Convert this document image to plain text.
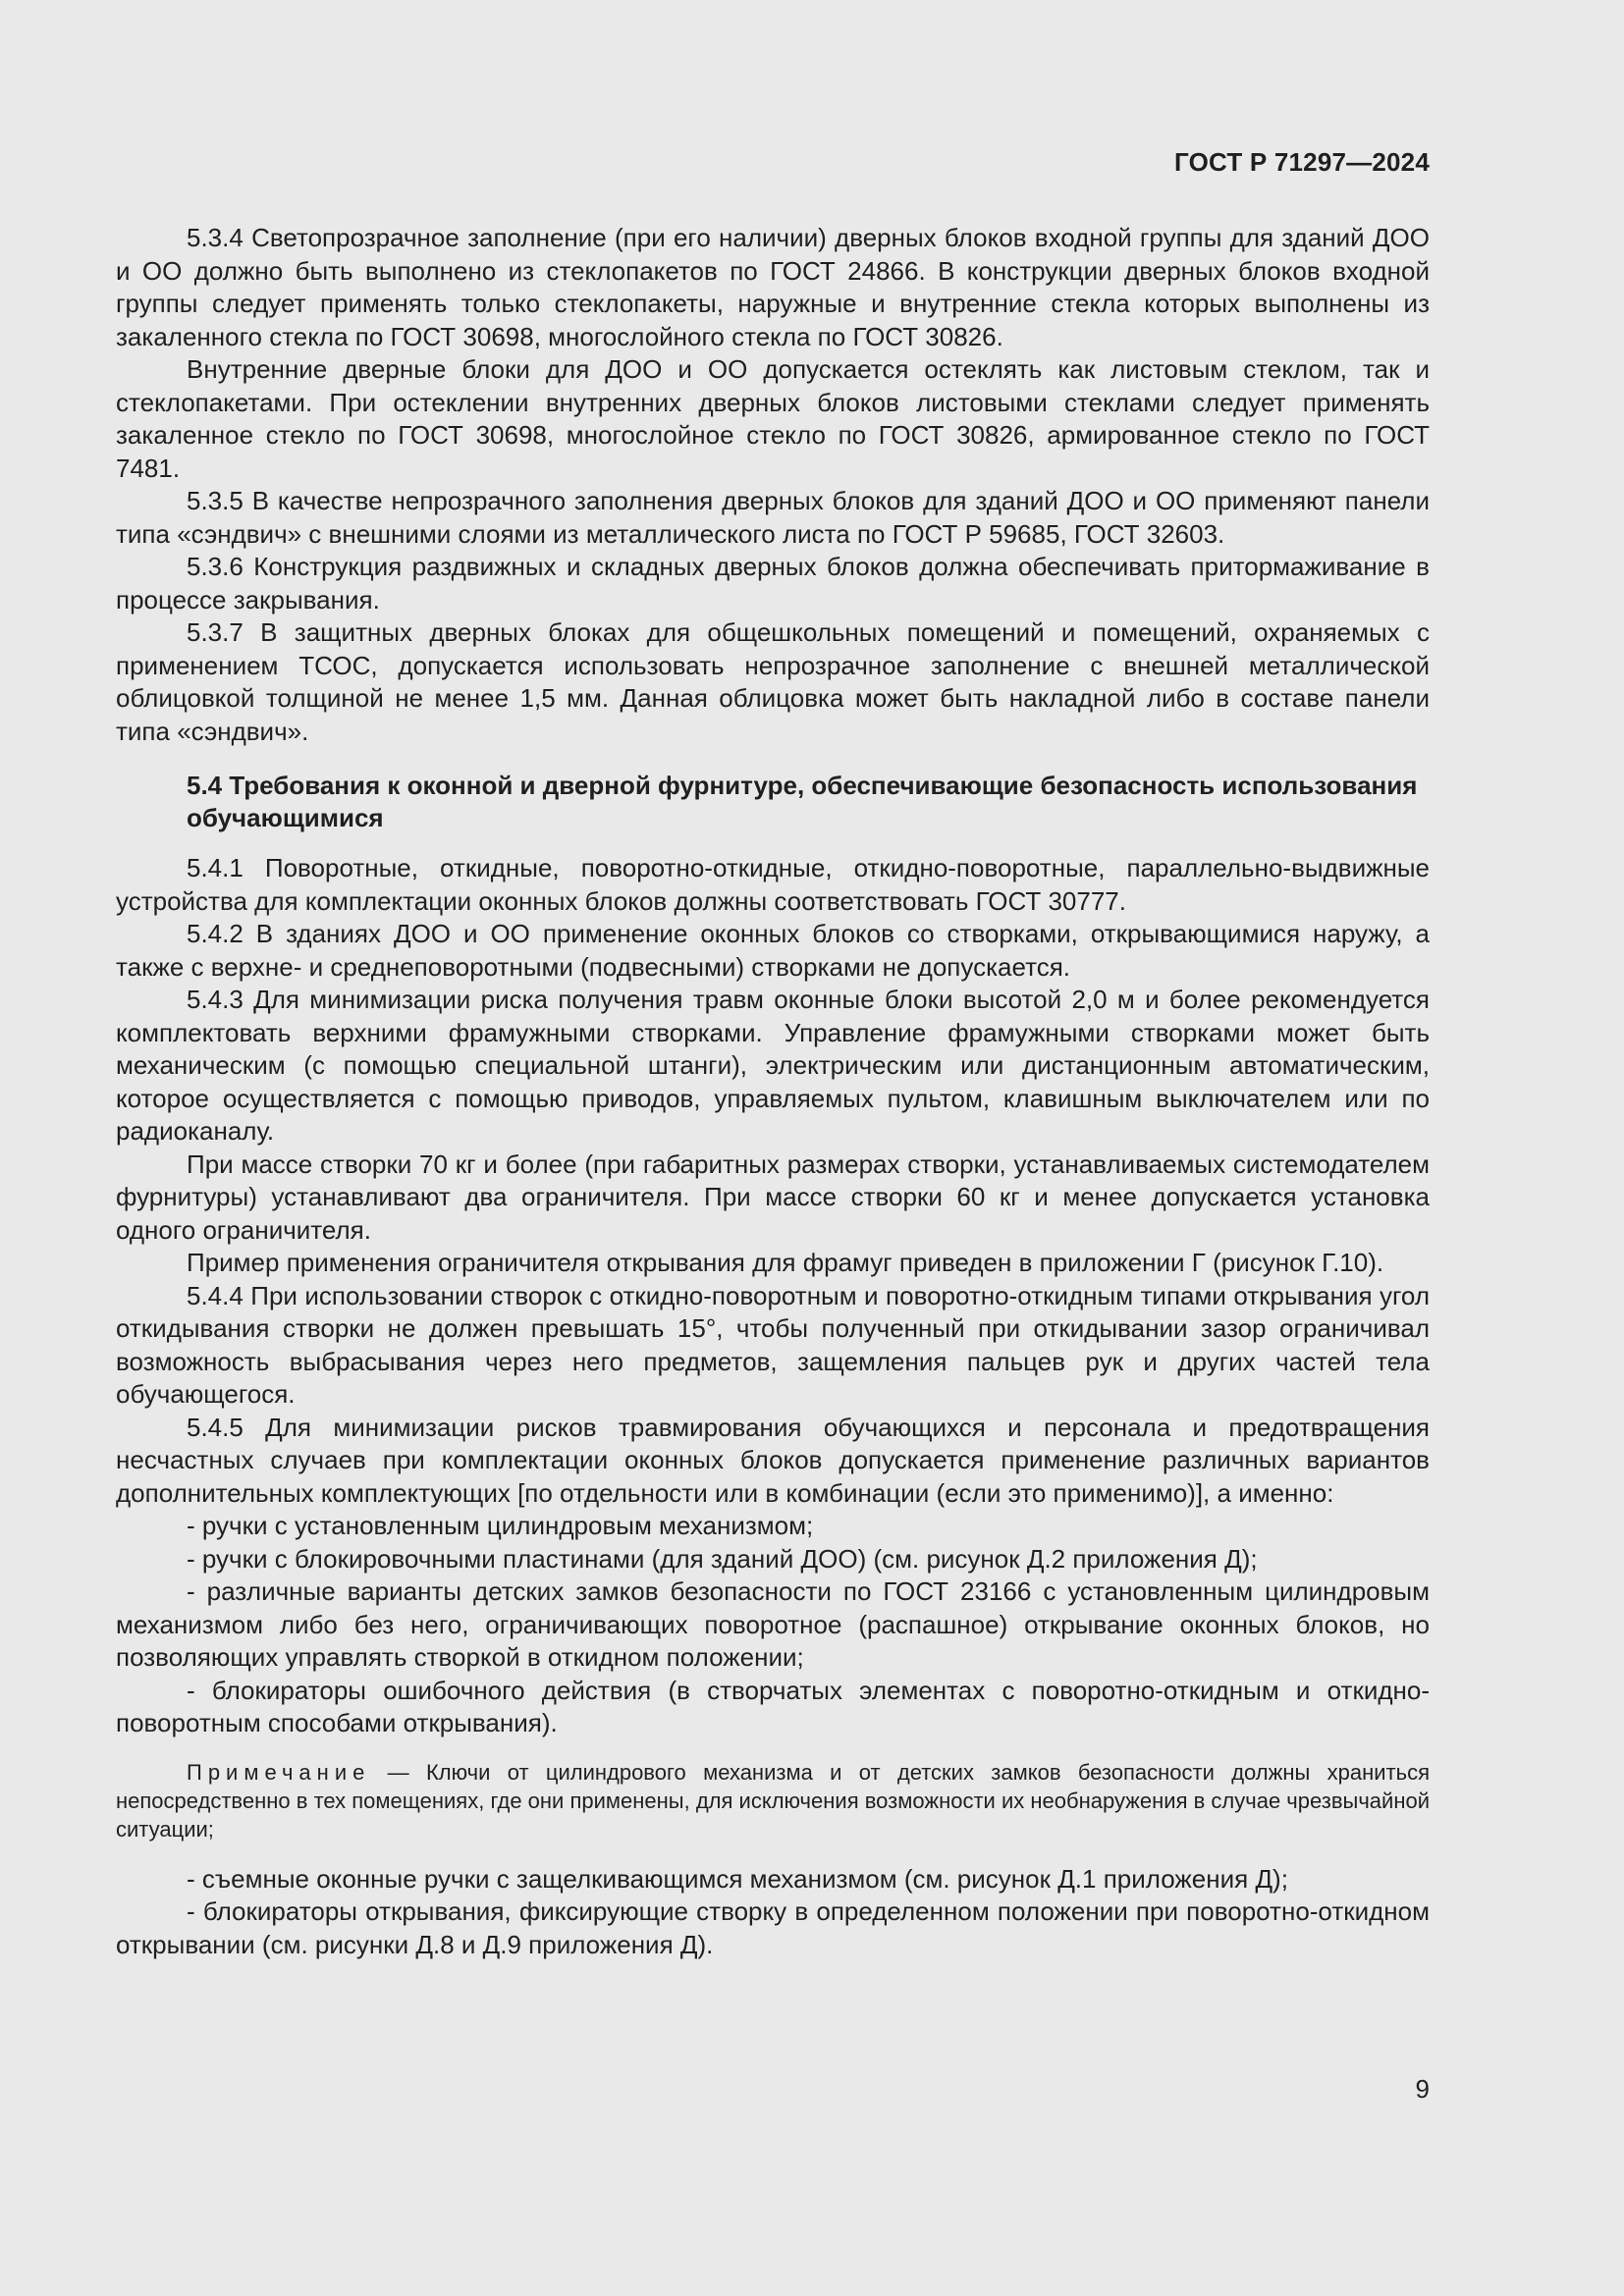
ГОСТ Р 71297—2024

5.3.4 Светопрозрачное заполнение (при его наличии) дверных блоков входной группы для зданий ДОО и ОО должно быть выполнено из стеклопакетов по ГОСТ 24866. В конструкции дверных блоков входной группы следует применять только стеклопакеты, наружные и внутренние стекла которых выполнены из закаленного стекла по ГОСТ 30698, многослойного стекла по ГОСТ 30826.

Внутренние дверные блоки для ДОО и ОО допускается остеклять как листовым стеклом, так и стеклопакетами. При остеклении внутренних дверных блоков листовыми стеклами следует применять закаленное стекло по ГОСТ 30698, многослойное стекло по ГОСТ 30826, армированное стекло по ГОСТ 7481.

5.3.5 В качестве непрозрачного заполнения дверных блоков для зданий ДОО и ОО применяют панели типа «сэндвич» с внешними слоями из металлического листа по ГОСТ Р 59685, ГОСТ 32603.

5.3.6 Конструкция раздвижных и складных дверных блоков должна обеспечивать притормаживание в процессе закрывания.

5.3.7 В защитных дверных блоках для общешкольных помещений и помещений, охраняемых с применением ТСОС, допускается использовать непрозрачное заполнение с внешней металлической облицовкой толщиной не менее 1,5 мм. Данная облицовка может быть накладной либо в составе панели типа «сэндвич».

5.4 Требования к оконной и дверной фурнитуре, обеспечивающие безопасность использования обучающимися

5.4.1 Поворотные, откидные, поворотно-откидные, откидно-поворотные, параллельно-выдвижные устройства для комплектации оконных блоков должны соответствовать ГОСТ 30777.

5.4.2 В зданиях ДОО и ОО применение оконных блоков со створками, открывающимися наружу, а также с верхне- и среднеповоротными (подвесными) створками не допускается.

5.4.3 Для минимизации риска получения травм оконные блоки высотой 2,0 м и более рекомендуется комплектовать верхними фрамужными створками. Управление фрамужными створками может быть механическим (с помощью специальной штанги), электрическим или дистанционным автоматическим, которое осуществляется с помощью приводов, управляемых пультом, клавишным выключателем или по радиоканалу.

При массе створки 70 кг и более (при габаритных размерах створки, устанавливаемых системодателем фурнитуры) устанавливают два ограничителя. При массе створки 60 кг и менее допускается установка одного ограничителя.

Пример применения ограничителя открывания для фрамуг приведен в приложении Г (рисунок Г.10).

5.4.4 При использовании створок с откидно-поворотным и поворотно-откидным типами открывания угол откидывания створки не должен превышать 15°, чтобы полученный при откидывании зазор ограничивал возможность выбрасывания через него предметов, защемления пальцев рук и других частей тела обучающегося.

5.4.5 Для минимизации рисков травмирования обучающихся и персонала и предотвращения несчастных случаев при комплектации оконных блоков допускается применение различных вариантов дополнительных комплектующих [по отдельности или в комбинации (если это применимо)], а именно:

- ручки с установленным цилиндровым механизмом;

- ручки с блокировочными пластинами (для зданий ДОО) (см. рисунок Д.2 приложения Д);

- различные варианты детских замков безопасности по ГОСТ 23166 с установленным цилиндровым механизмом либо без него, ограничивающих поворотное (распашное) открывание оконных блоков, но позволяющих управлять створкой в откидном положении;

- блокираторы ошибочного действия (в створчатых элементах с поворотно-откидным и откидно-поворотным способами открывания).

Примечание — Ключи от цилиндрового механизма и от детских замков безопасности должны храниться непосредственно в тех помещениях, где они применены, для исключения возможности их необнаружения в случае чрезвычайной ситуации;

- съемные оконные ручки с защелкивающимся механизмом (см. рисунок Д.1 приложения Д);

- блокираторы открывания, фиксирующие створку в определенном положении при поворотно-откидном открывании (см. рисунки Д.8 и Д.9 приложения Д).

9
